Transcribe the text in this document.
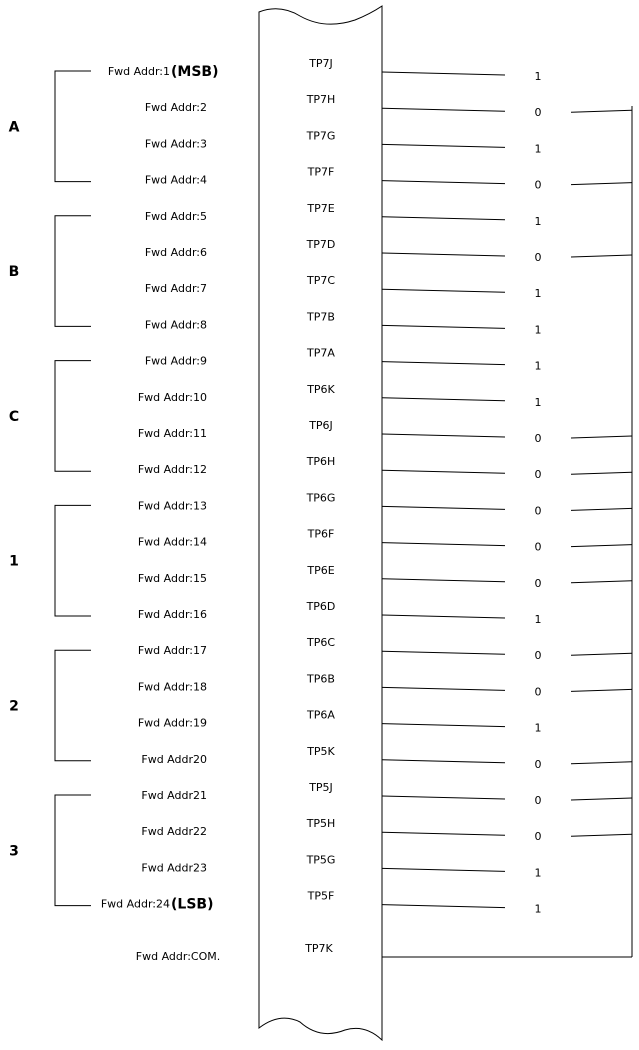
Fwd Addr:1 (MSB)
TP7J
1
Fwd Addr:2
TP7H
0
Fwd Addr:3
TP7G
1
Fwd Addr:4
TP7F
0
Fwd Addr:5
TP7E
1
Fwd Addr:6
TP7D
0
Fwd Addr:7
TP7C
1
Fwd Addr:8
TP7B
1
Fwd Addr:9
TP7A
1
Fwd Addr:10
TP6K
1
Fwd Addr:11
TP6J
0
Fwd Addr:12
TP6H
0
Fwd Addr:13
TP6G
0
Fwd Addr:14
TP6F
0
Fwd Addr:15
TP6E
0
Fwd Addr:16
TP6D
1
Fwd Addr:17
TP6C
0
Fwd Addr:18
TP6B
0
Fwd Addr:19
TP6A
1
Fwd Addr20
TP5K
0
Fwd Addr21
TP5J
0
Fwd Addr22
TP5H
0
Fwd Addr23
TP5G
1
Fwd Addr:24 (LSB)
TP5F
1
A
B
C
1
2
3
Fwd Addr:COM.
TP7K
